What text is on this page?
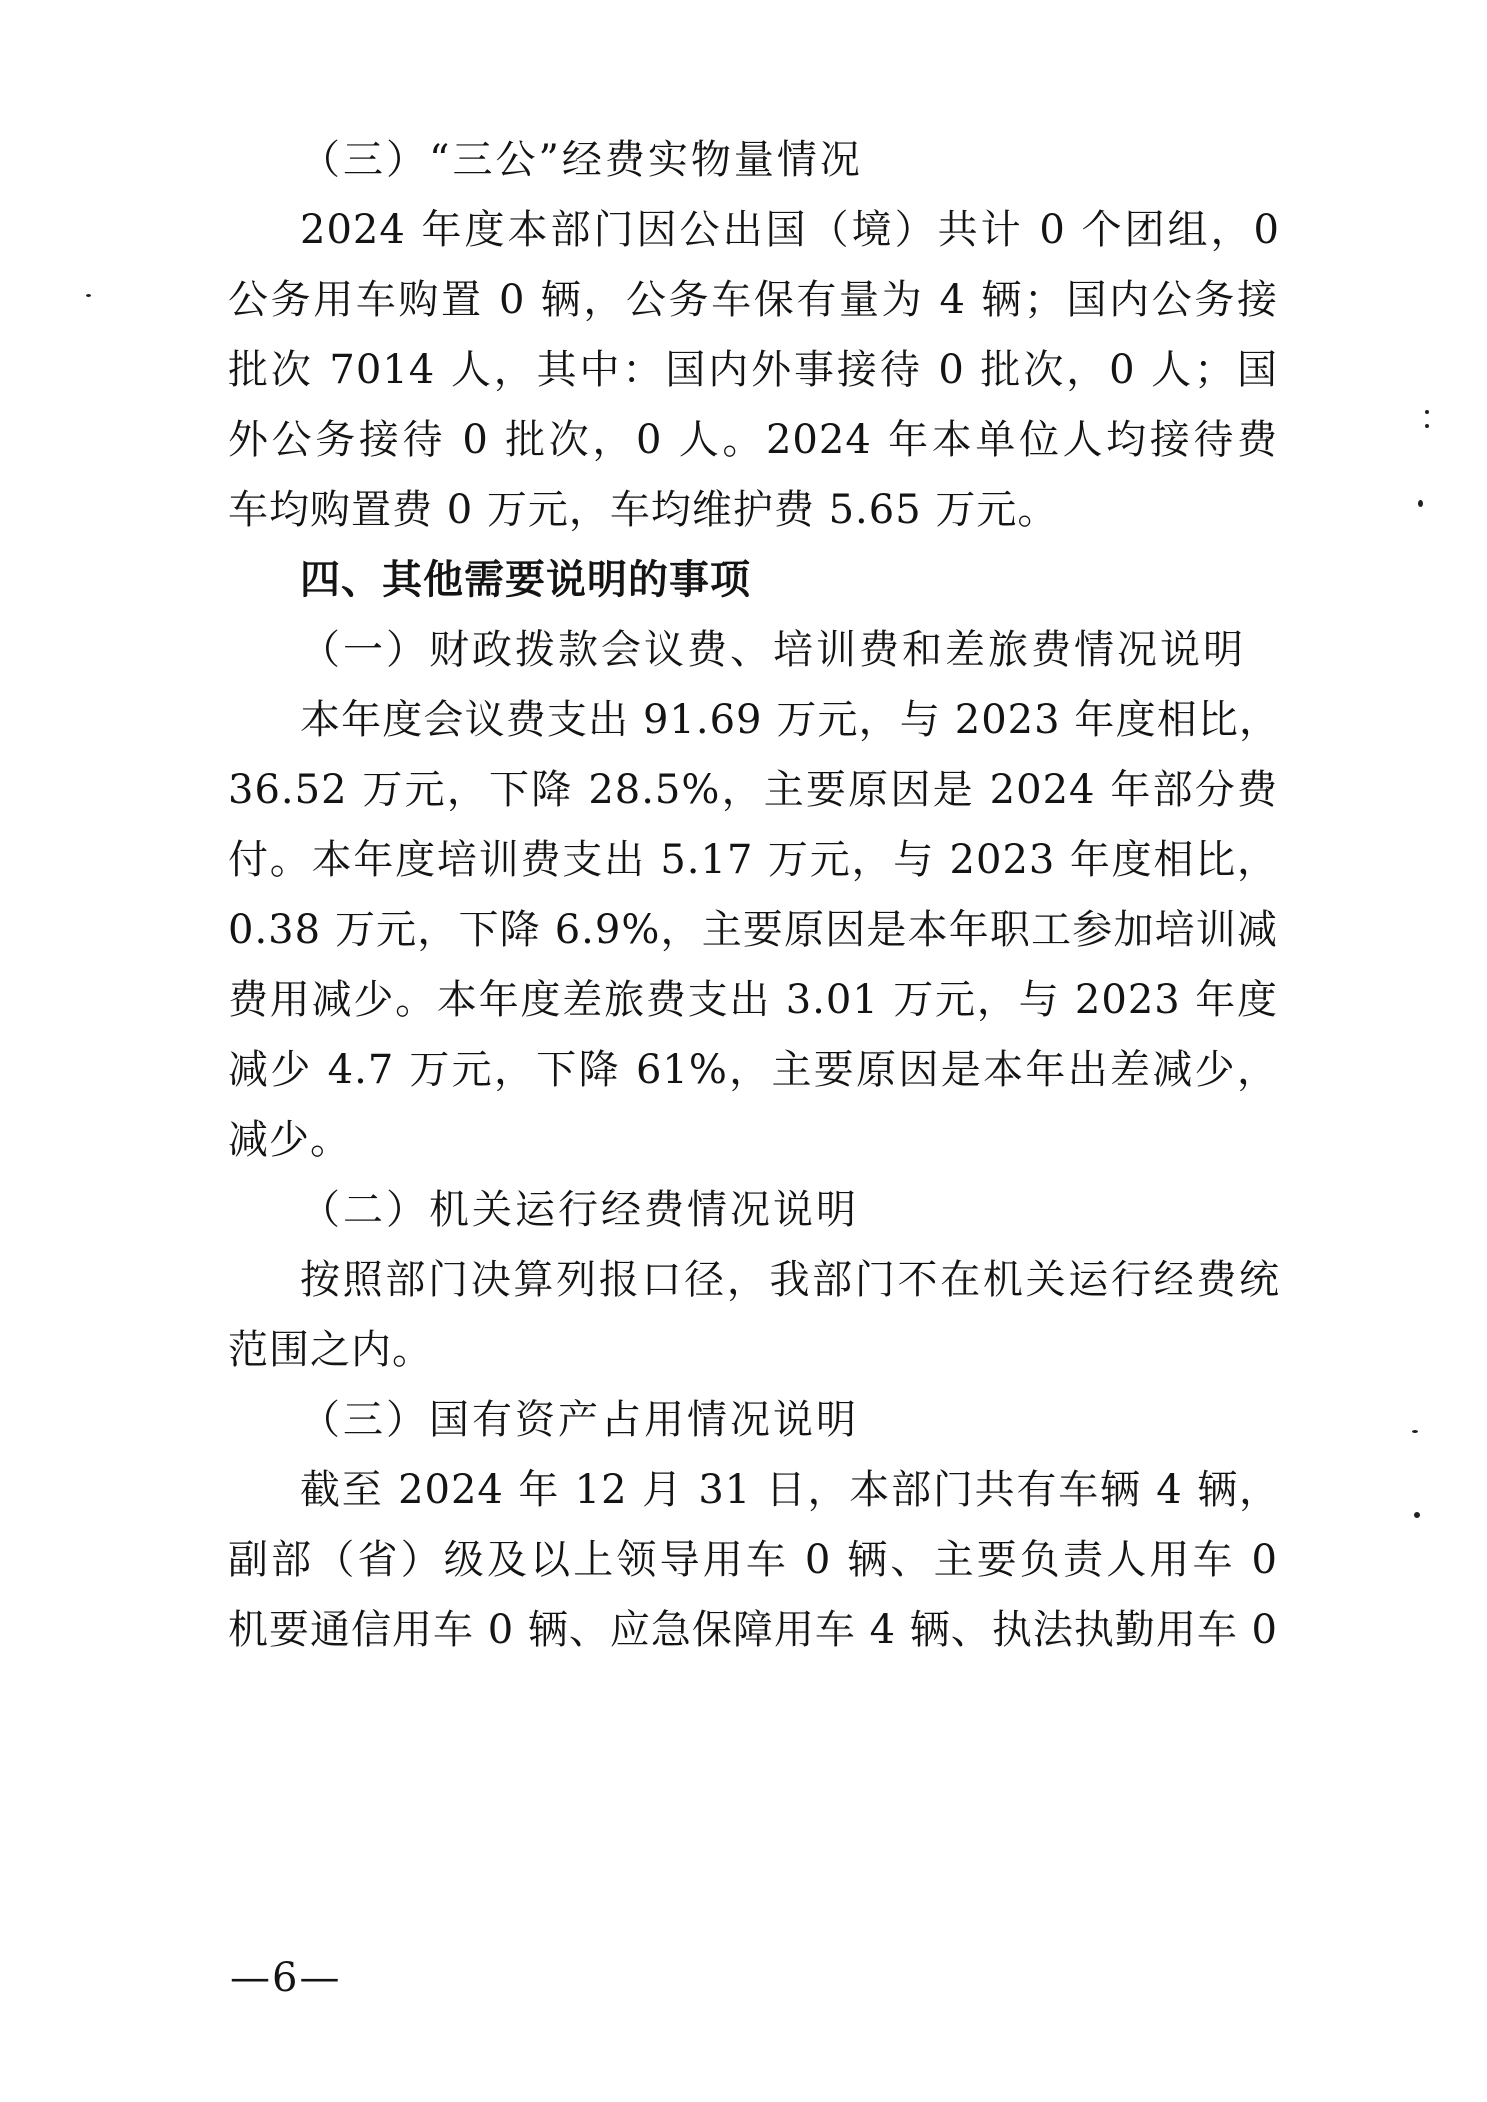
（三）“三公”经费实物量情况
2024 年度本部门因公出国（境）共计 0 个团组，0
公务用车购置 0 辆，公务车保有量为 4 辆；国内公务接
批次 7014 人，其中：国内外事接待 0 批次，0 人；国
外公务接待 0 批次，0 人。2024 年本单位人均接待费
车均购置费 0 万元，车均维护费 5.65 万元。
四、其他需要说明的事项
（一）财政拨款会议费、培训费和差旅费情况说明
本年度会议费支出 91.69 万元，与 2023 年度相比，
36.52 万元，下降 28.5%，主要原因是 2024 年部分费
付。本年度培训费支出 5.17 万元，与 2023 年度相比，
0.38 万元，下降 6.9%，主要原因是本年职工参加培训减
费用减少。本年度差旅费支出 3.01 万元，与 2023 年度
减少 4.7 万元，下降 61%，主要原因是本年出差减少，
减少。
（二）机关运行经费情况说明
按照部门决算列报口径，我部门不在机关运行经费统
范围之内。
（三）国有资产占用情况说明
截至 2024 年 12 月 31 日，本部门共有车辆 4 辆，
副部（省）级及以上领导用车 0 辆、主要负责人用车 0
机要通信用车 0 辆、应急保障用车 4 辆、执法执勤用车 0
—6—
